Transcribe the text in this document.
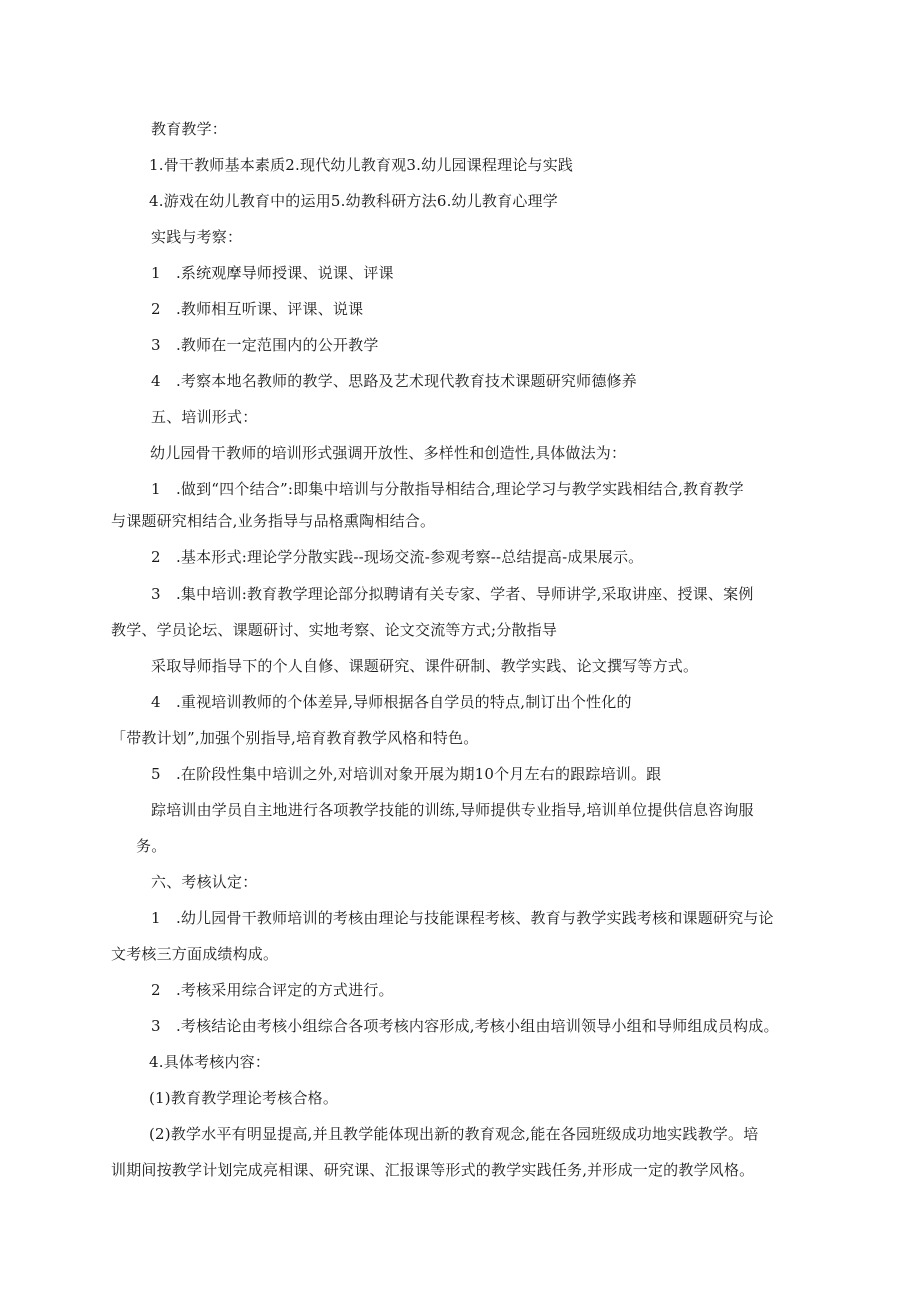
教育教学：
1.骨干教师基本素质2.现代幼儿教育观3.幼儿园课程理论与实践
4.游戏在幼儿教育中的运用5.幼教科研方法6.幼儿教育心理学
实践与考察：
1　.系统观摩导师授课、说课、评课
2　.教师相互听课、评课、说课
3　.教师在一定范围内的公开教学
4　.考察本地名教师的教学、思路及艺术现代教育技术课题研究师德修养
五、培训形式：
幼儿园骨干教师的培训形式强调开放性、多样性和创造性,具体做法为：
1　.做到“四个结合”:即集中培训与分散指导相结合,理论学习与教学实践相结合,教育教学
与课题研究相结合,业务指导与品格熏陶相结合。
2　.基本形式:理论学分散实践--现场交流-参观考察--总结提高-成果展示。
3　.集中培训:教育教学理论部分拟聘请有关专家、学者、导师讲学,采取讲座、授课、案例
教学、学员论坛、课题研讨、实地考察、论文交流等方式;分散指导
采取导师指导下的个人自修、课题研究、课件研制、教学实践、论文撰写等方式。
4　.重视培训教师的个体差异,导师根据各自学员的特点,制订出个性化的
「带教计划”,加强个别指导,培育教育教学风格和特色。
5　.在阶段性集中培训之外,对培训对象开展为期10个月左右的跟踪培训。跟
踪培训由学员自主地进行各项教学技能的训练,导师提供专业指导,培训单位提供信息咨询服
务。
六、考核认定：
1　.幼儿园骨干教师培训的考核由理论与技能课程考核、教育与教学实践考核和课题研究与论
文考核三方面成绩构成。
2　.考核采用综合评定的方式进行。
3　.考核结论由考核小组综合各项考核内容形成,考核小组由培训领导小组和导师组成员构成。
4.具体考核内容：
(1)教育教学理论考核合格。
(2)教学水平有明显提高,并且教学能体现出新的教育观念,能在各园班级成功地实践教学。培
训期间按教学计划完成亮相课、研究课、汇报课等形式的教学实践任务,并形成一定的教学风格。
